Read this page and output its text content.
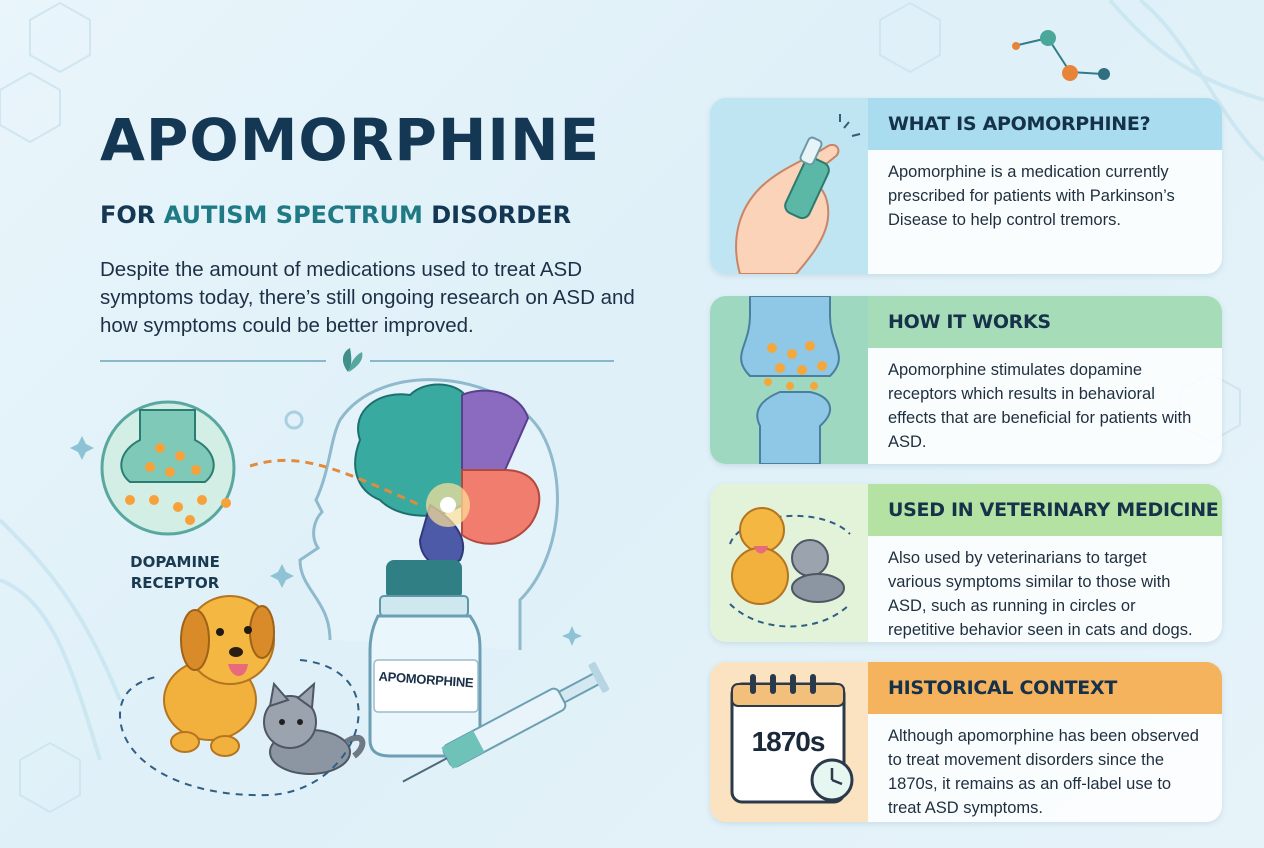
APOMORPHINE
FOR AUTISM SPECTRUM DISORDER
Despite the amount of medications used to treat ASD symptoms today, there’s still ongoing research on ASD and how symptoms could be better improved.
DOPAMINE RECEPTOR
APOMORPHINE
WHAT IS APOMORPHINE?
Apomorphine is a medication currently prescribed for patients with Parkinson’s Disease to help control tremors.
HOW IT WORKS
Apomorphine stimulates dopamine receptors which results in behavioral effects that are beneficial for patients with ASD.
USED IN VETERINARY MEDICINE
Also used by veterinarians to target various symptoms similar to those with ASD, such as running in circles or repetitive behavior seen in cats and dogs.
HISTORICAL CONTEXT
Although apomorphine has been observed to treat movement disorders since the 1870s, it remains as an off-label use to treat ASD symptoms.
1870s
